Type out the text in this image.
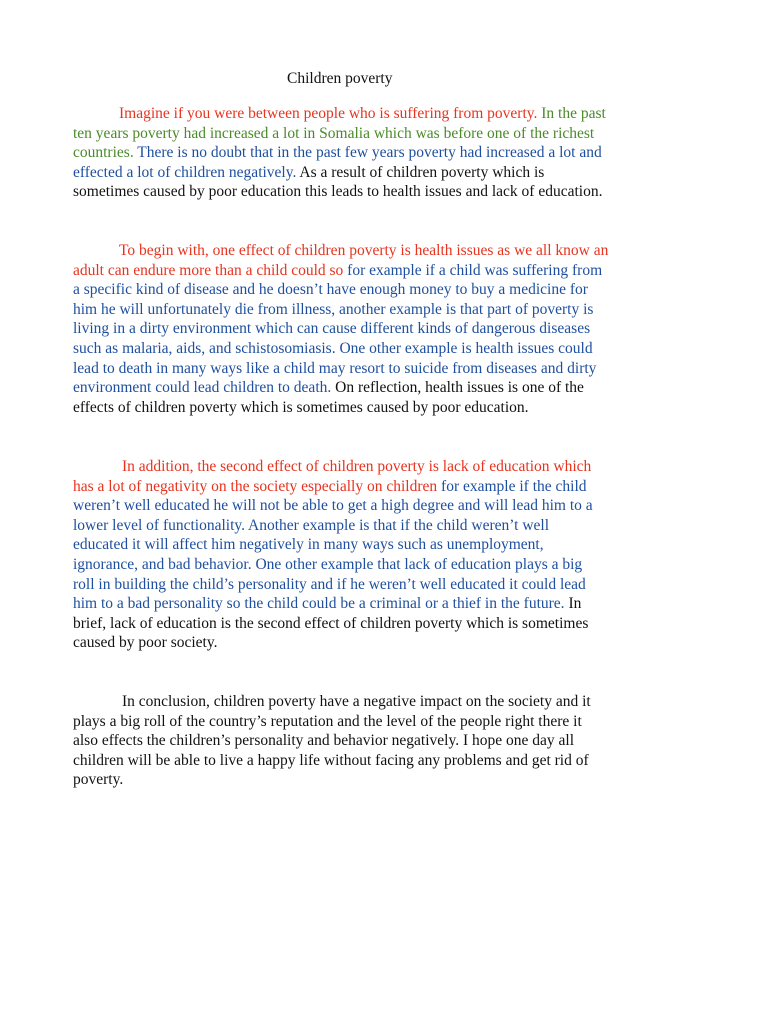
Children poverty
Imagine if you were between people who is suffering from poverty. In the past
ten years poverty had increased a lot in Somalia which was before one of the richest
countries. There is no doubt that in the past few years poverty had increased a lot and
effected a lot of children negatively. As a result of children poverty which is
sometimes caused by poor education this leads to health issues and lack of education.
To begin with, one effect of children poverty is health issues as we all know an
adult can endure more than a child could so for example if a child was suffering from
a specific kind of disease and he doesn’t have enough money to buy a medicine for
him he will unfortunately die from illness, another example is that part of poverty is
living in a dirty environment which can cause different kinds of dangerous diseases
such as malaria, aids, and schistosomiasis. One other example is health issues could
lead to death in many ways like a child may resort to suicide from diseases and dirty
environment could lead children to death. On reflection, health issues is one of the
effects of children poverty which is sometimes caused by poor education.
In addition, the second effect of children poverty is lack of education which
has a lot of negativity on the society especially on children for example if the child
weren’t well educated he will not be able to get a high degree and will lead him to a
lower level of functionality. Another example is that if the child weren’t well
educated it will affect him negatively in many ways such as unemployment,
ignorance, and bad behavior. One other example that lack of education plays a big
roll in building the child’s personality and if he weren’t well educated it could lead
him to a bad personality so the child could be a criminal or a thief in the future. In
brief, lack of education is the second effect of children poverty which is sometimes
caused by poor society.
In conclusion, children poverty have a negative impact on the society and it
plays a big roll of the country’s reputation and the level of the people right there it
also effects the children’s personality and behavior negatively. I hope one day all
children will be able to live a happy life without facing any problems and get rid of
poverty.
